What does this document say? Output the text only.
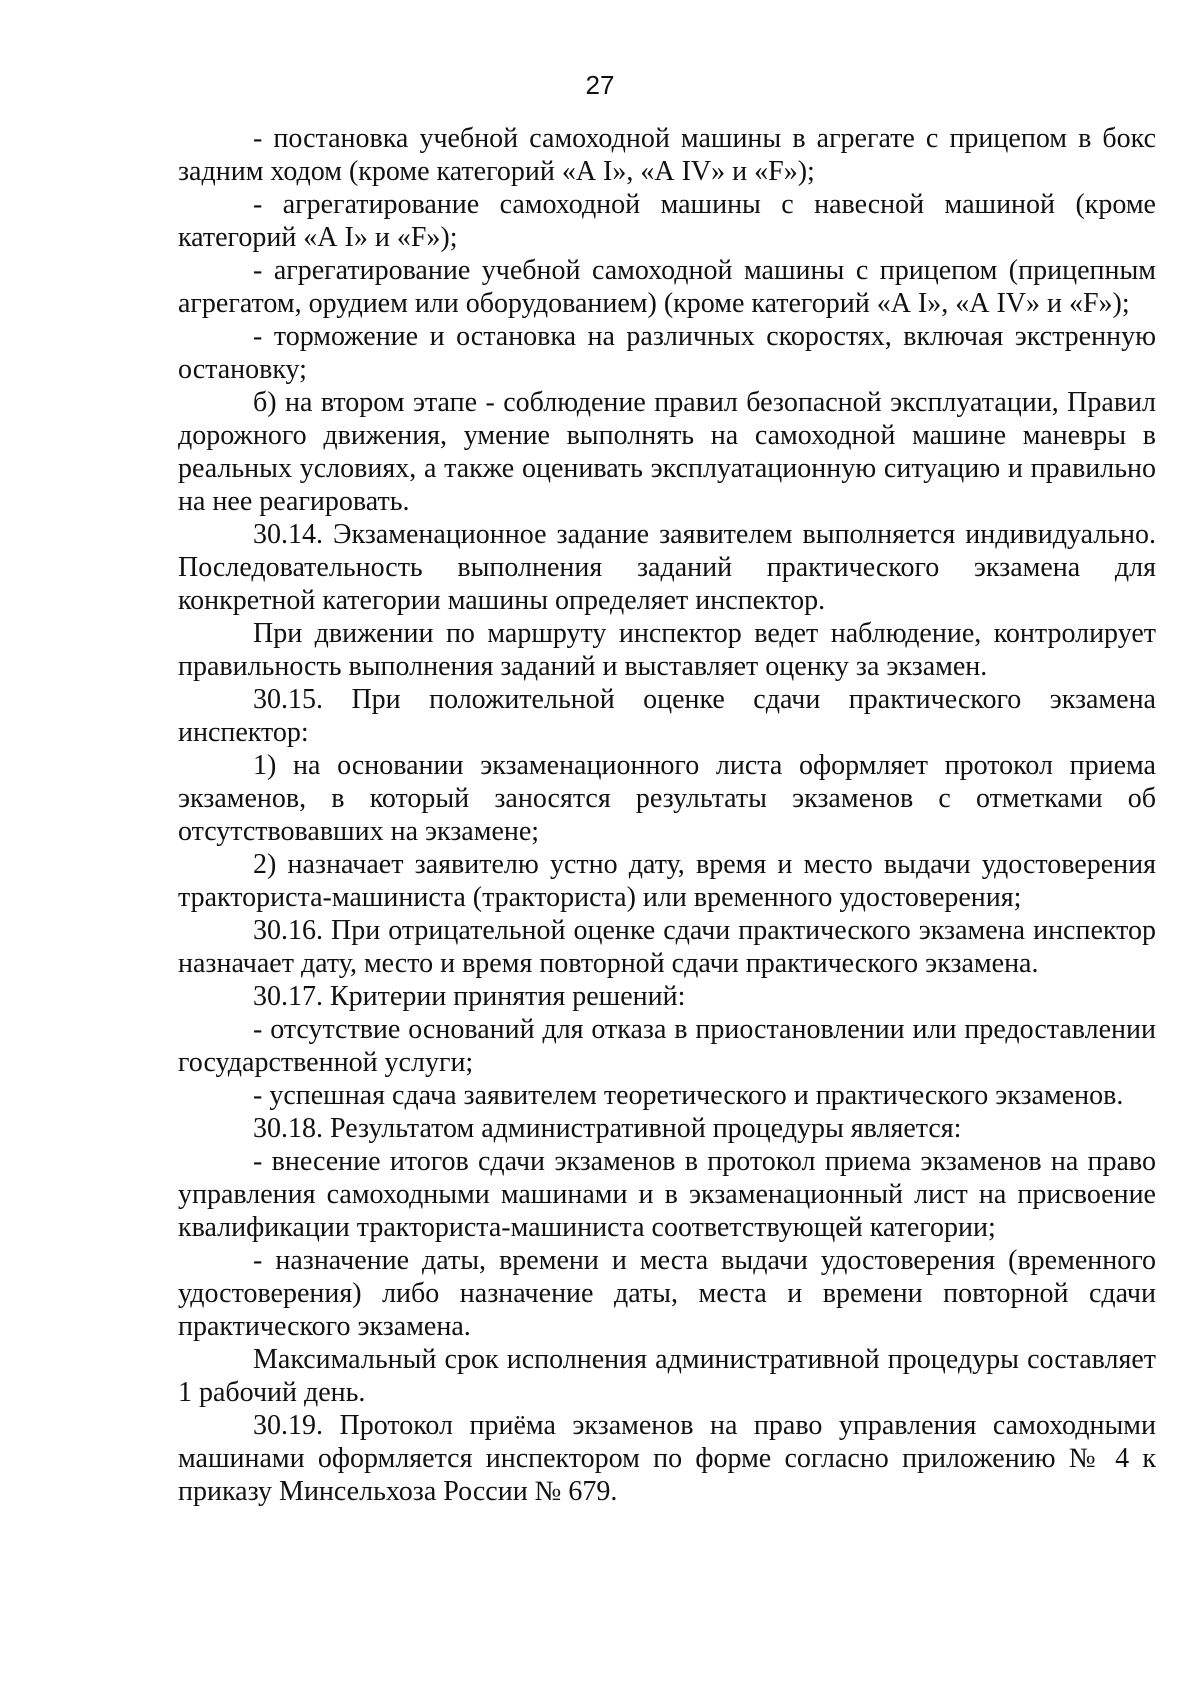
27

- постановка учебной самоходной машины в агрегате с прицепом в бокс задним ходом (кроме категорий «А I», «А IV» и «F»);

- агрегатирование самоходной машины с навесной машиной (кроме категорий «А I» и «F»);

- агрегатирование учебной самоходной машины с прицепом (прицепным агрегатом, орудием или оборудованием) (кроме категорий «А I», «А IV» и «F»);

- торможение и остановка на различных скоростях, включая экстренную остановку;

б) на втором этапе - соблюдение правил безопасной эксплуатации, Правил дорожного движения, умение выполнять на самоходной машине маневры в реальных условиях, а также оценивать эксплуатационную ситуацию и правильно на нее реагировать.

30.14. Экзаменационное задание заявителем выполняется индивидуально. Последовательность выполнения заданий практического экзамена для конкретной категории машины определяет инспектор.

При движении по маршруту инспектор ведет наблюдение, контролирует правильность выполнения заданий и выставляет оценку за экзамен.

30.15. При положительной оценке сдачи практического экзамена инспектор:

1) на основании экзаменационного листа оформляет протокол приема экзаменов, в который заносятся результаты экзаменов с отметками об отсутствовавших на экзамене;

2) назначает заявителю устно дату, время и место выдачи удостоверения тракториста-машиниста (тракториста) или временного удостоверения;

30.16. При отрицательной оценке сдачи практического экзамена инспектор назначает дату, место и время повторной сдачи практического экзамена.

30.17. Критерии принятия решений:

- отсутствие оснований для отказа в приостановлении или предоставлении государственной услуги;

- успешная сдача заявителем теоретического и практического экзаменов.

30.18. Результатом административной процедуры является:

- внесение итогов сдачи экзаменов в протокол приема экзаменов на право управления самоходными машинами и в экзаменационный лист на присвоение квалификации тракториста-машиниста соответствующей категории;

- назначение даты, времени и места выдачи удостоверения (временного удостоверения) либо назначение даты, места и времени повторной сдачи практического экзамена.

Максимальный срок исполнения административной процедуры составляет 1 рабочий день.

30.19. Протокол приёма экзаменов на право управления самоходными машинами оформляется инспектором по форме согласно приложению № 4 к приказу Минсельхоза России № 679.
